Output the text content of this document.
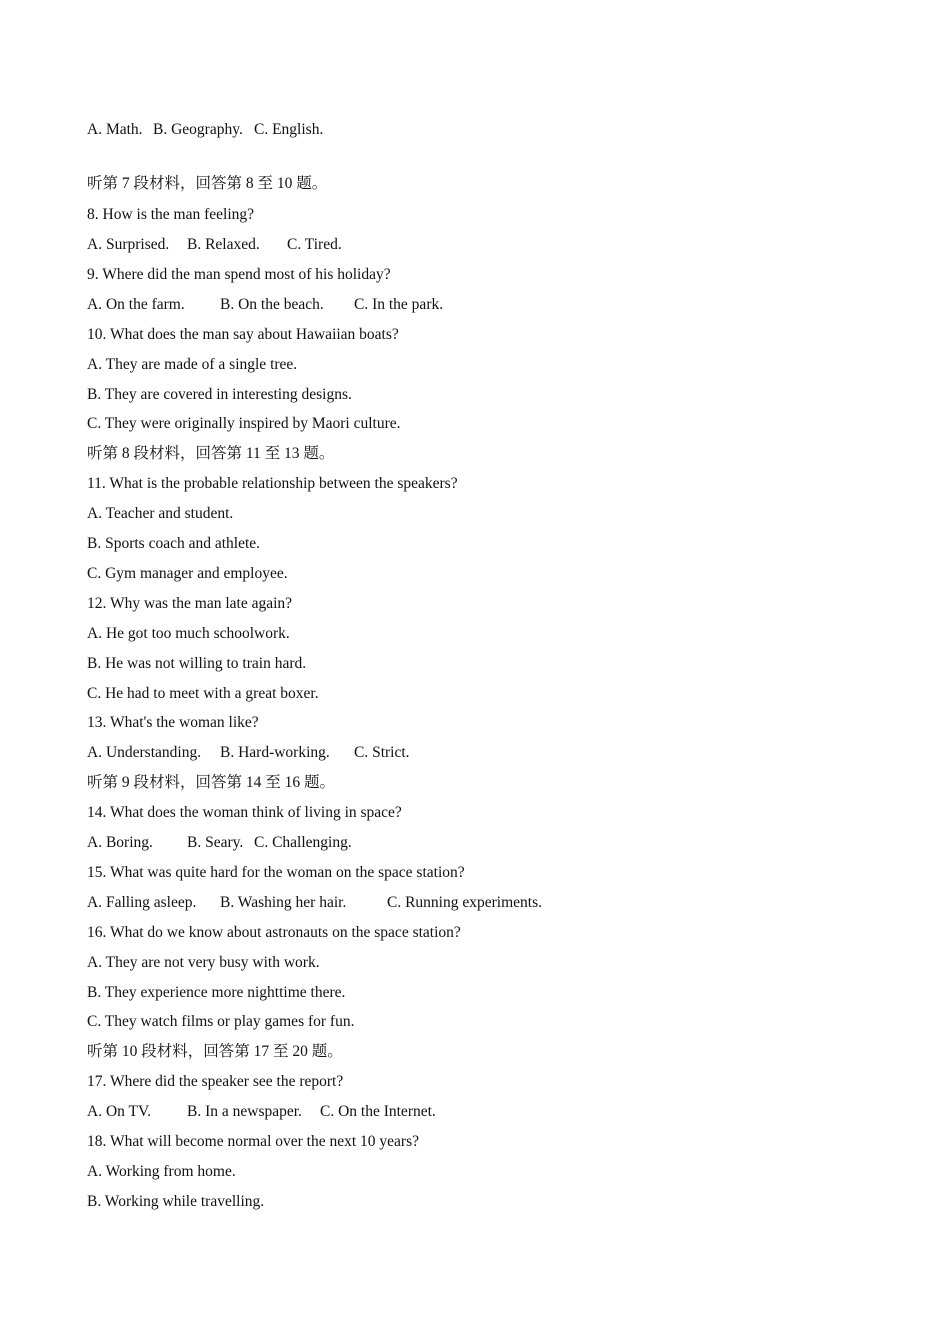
A. Math. B. Geography. C. English.
听第 7 段材料，回答第 8 至 10 题。
8. How is the man feeling?
A. Surprised. B. Relaxed. C. Tired.
9. Where did the man spend most of his holiday?
A. On the farm. B. On the beach. C. In the park.
10. What does the man say about Hawaiian boats?
A. They are made of a single tree.
B. They are covered in interesting designs.
C. They were originally inspired by Maori culture.
听第 8 段材料，回答第 11 至 13 题。
11. What is the probable relationship between the speakers?
A. Teacher and student.
B. Sports coach and athlete.
C. Gym manager and employee.
12. Why was the man late again?
A. He got too much schoolwork.
B. He was not willing to train hard.
C. He had to meet with a great boxer.
13. What's the woman like?
A. Understanding. B. Hard-working. C. Strict.
听第 9 段材料，回答第 14 至 16 题。
14. What does the woman think of living in space?
A. Boring. B. Seary. C. Challenging.
15. What was quite hard for the woman on the space station?
A. Falling asleep. B. Washing her hair.	C. Running experiments.
16. What do we know about astronauts on the space station?
A. They are not very busy with work.
B. They experience more nighttime there.
C. They watch films or play games for fun.
听第 10 段材料，回答第 17 至 20 题。
17. Where did the speaker see the report?
A. On TV. B. In a newspaper. C. On the Internet.
18. What will become normal over the next 10 years?
A. Working from home.
B. Working while travelling.
